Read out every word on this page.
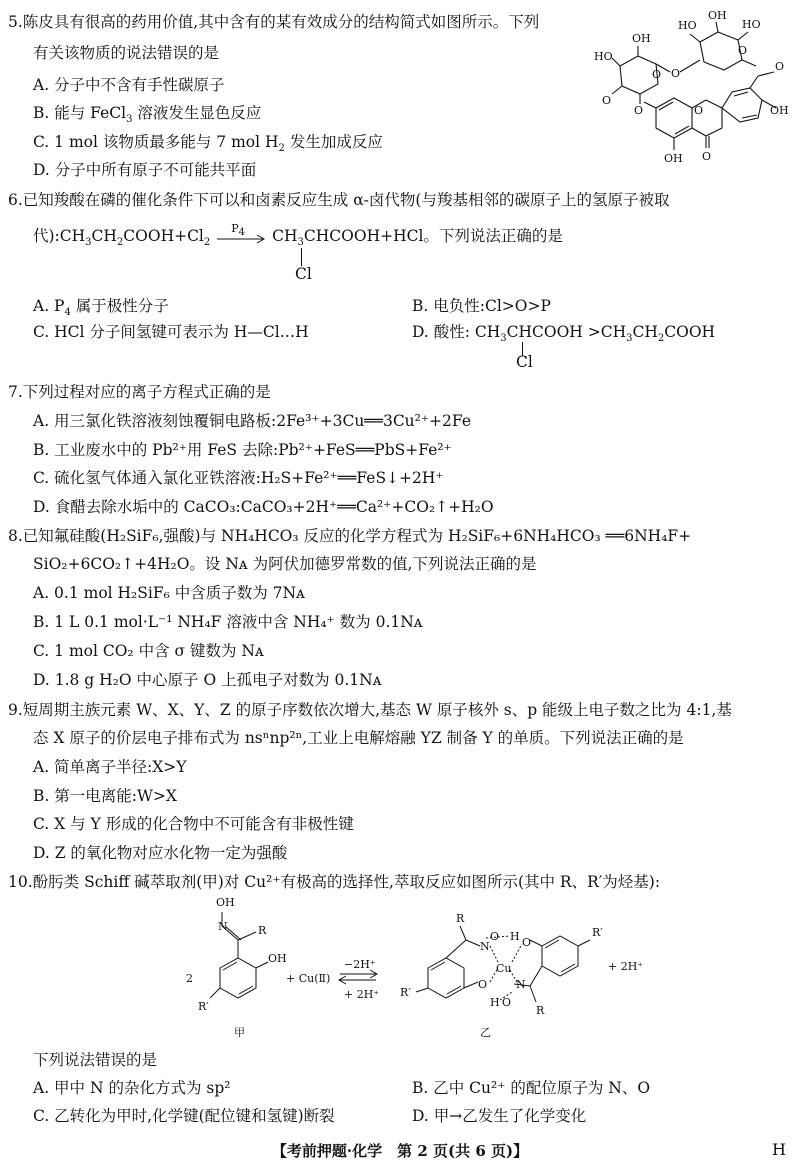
5.陈皮具有很高的药用价值,其中含有的某有效成分的结构简式如图所示。下列
有关该物质的说法错误的是
A. 分子中不含有手性碳原子
B. 能与 FeCl$_3$ 溶液发生显色反应
C. 1 mol 该物质最多能与 7 mol $H_2$ 发生加成反应
D. 分子中所有原子不可能共平面
HO
OH
HO
O
O
OH
O
O
HO
O
O	OH
O
OH
O
6.已知羧酸在磷的催化条件下可以和卤素反应生成 α-卤代物(与羧基相邻的碳原子上的氢原子被取
代)$:CH_3CH_2COOH+Cl_2$
$P_4$ $CH_3CHCOOH+HCl$。下列说法正确的是
Cl
A. $P_4$ 属于极性分子	B. 电负性:Cl>O>P
C. HCl 分子间氢键可表示为 H—Cl…H	D. 酸性: $CH_3CHCOOH$ $>CH_3CH_2COOH$
Cl
7.下列过程对应的离子方程式正确的是
A. 用三氯化铁溶液刻蚀覆铜电路板:2Fe³⁺+3Cu══3Cu²⁺+2Fe
B. 工业废水中的 Pb²⁺用 FeS 去除:Pb²⁺+FeS══PbS+Fe²⁺
C. 硫化氢气体通入氯化亚铁溶液:H₂S+Fe²⁺══FeS↓+2H⁺
D. 食醋去除水垢中的 CaCO₃:CaCO₃+2H⁺══Ca²⁺+CO₂↑+H₂O
8.已知氟硅酸(H₂SiF₆,强酸)与 NH₄HCO₃ 反应的化学方程式为 H₂SiF₆+6NH₄HCO₃ ══6NH₄F+
SiO₂+6CO₂↑+4H₂O。设 Nᴀ 为阿伏加德罗常数的值,下列说法正确的是
A. 0.1 mol H₂SiF₆ 中含质子数为 7Nᴀ
B. 1 L 0.1 mol·L⁻¹ NH₄F 溶液中含 NH₄⁺ 数为 0.1Nᴀ
C. 1 mol CO₂ 中含 σ 键数为 Nᴀ
D. 1.8 g H₂O 中心原子 O 上孤电子对数为 0.1Nᴀ
9.短周期主族元素 W、X、Y、Z 的原子序数依次增大,基态 W 原子核外 s、p 能级上电子数之比为 4:1,基
态 X 原子的价层电子排布式为 nsⁿnp²ⁿ,工业上电解熔融 YZ 制备 Y 的单质。下列说法正确的是
A. 简单离子半径:X>Y
B. 第一电离能:W>X
C. X 与 Y 形成的化合物中不可能含有非极性键
D. Z 的氧化物对应水化物一定为强酸
10.酚肟类 Schiff 碱萃取剂(甲)对 Cu²⁺有极高的选择性,萃取反应如图所示(其中 R、R′为烃基):
2
OH
N	R
OH
R′
+ Cu(Ⅱ)
−2H⁺
+ 2H⁺
甲
R
N
O H
Cu
O
O
N
H O
R
R′
R′
+ 2H⁺
乙
下列说法错误的是
A. 甲中 N 的杂化方式为 sp²	B. 乙中 Cu²⁺ 的配位原子为 N、O
C. 乙转化为甲时,化学键(配位键和氢键)断裂	D. 甲→乙发生了化学变化
【考前押题·化学　第 2 页(共 6 页)】	H
